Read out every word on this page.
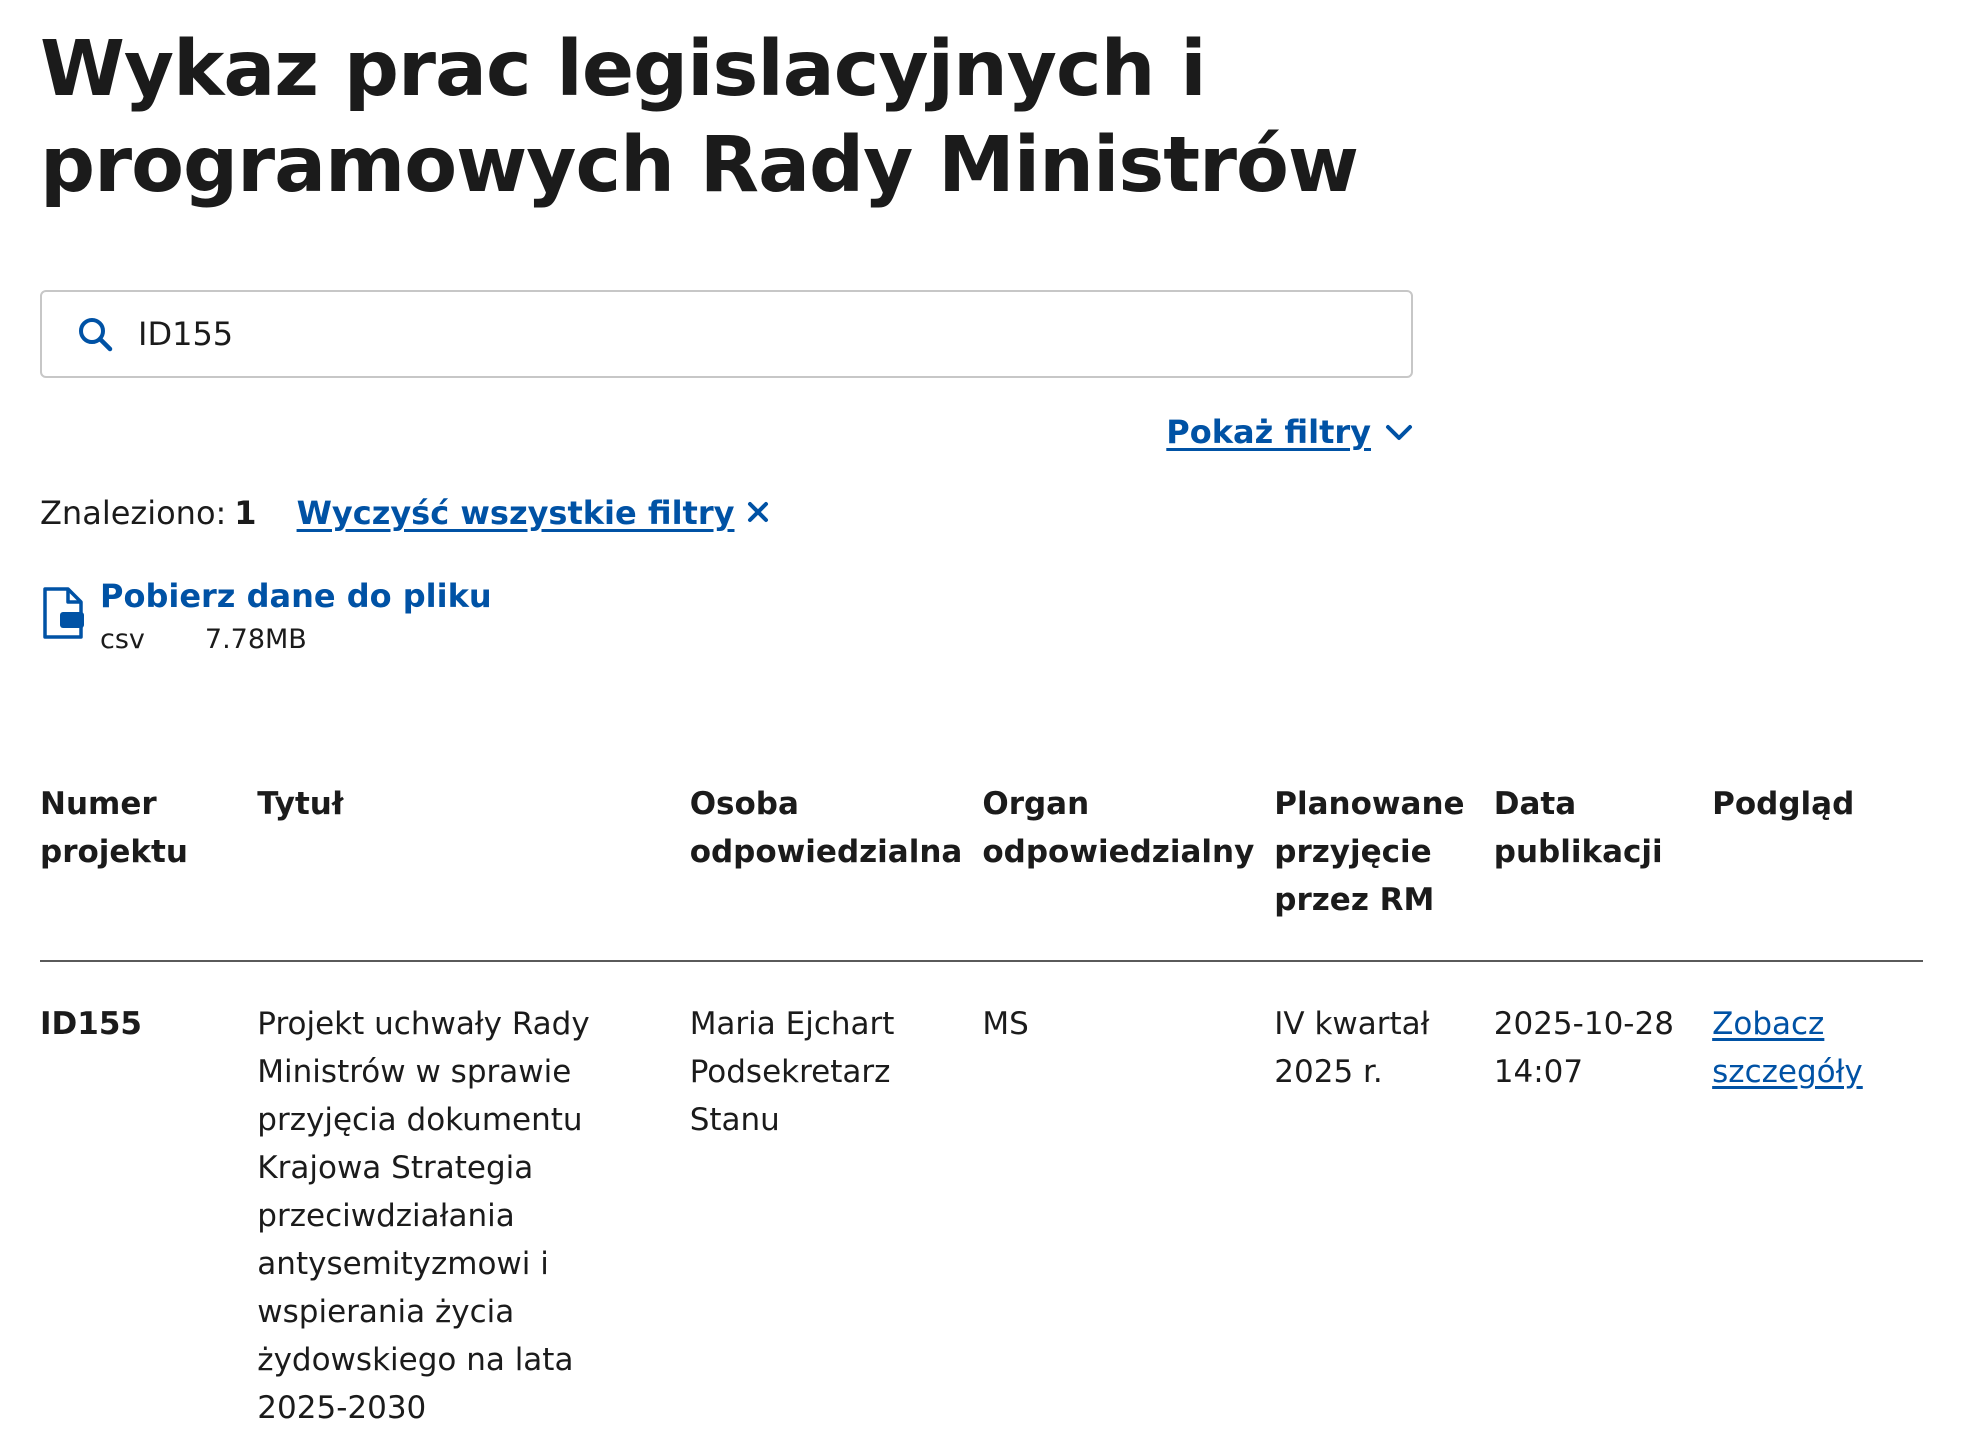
Wykaz prac legislacyjnych i programowych Rady Ministrów
ID155
Pokaż filtry
Znaleziono: 1 Wyczyść wszystkie filtry
Pobierz dane do pliku
csv 7.78MB
Numer projektu	Tytuł	Osoba odpowiedzialna	Organ odpowiedzialny	Planowane przyjęcie przez RM	Data publikacji	Podgląd
ID155	Projekt uchwały Rady Ministrów w sprawie przyjęcia dokumentu Krajowa Strategia przeciwdziałania antysemityzmowi i wspierania życia żydowskiego na lata 2025-2030	Maria Ejchart Podsekretarz Stanu	MS	IV kwartał 2025 r.	2025-10-28 14:07	Zobacz szczegóły
